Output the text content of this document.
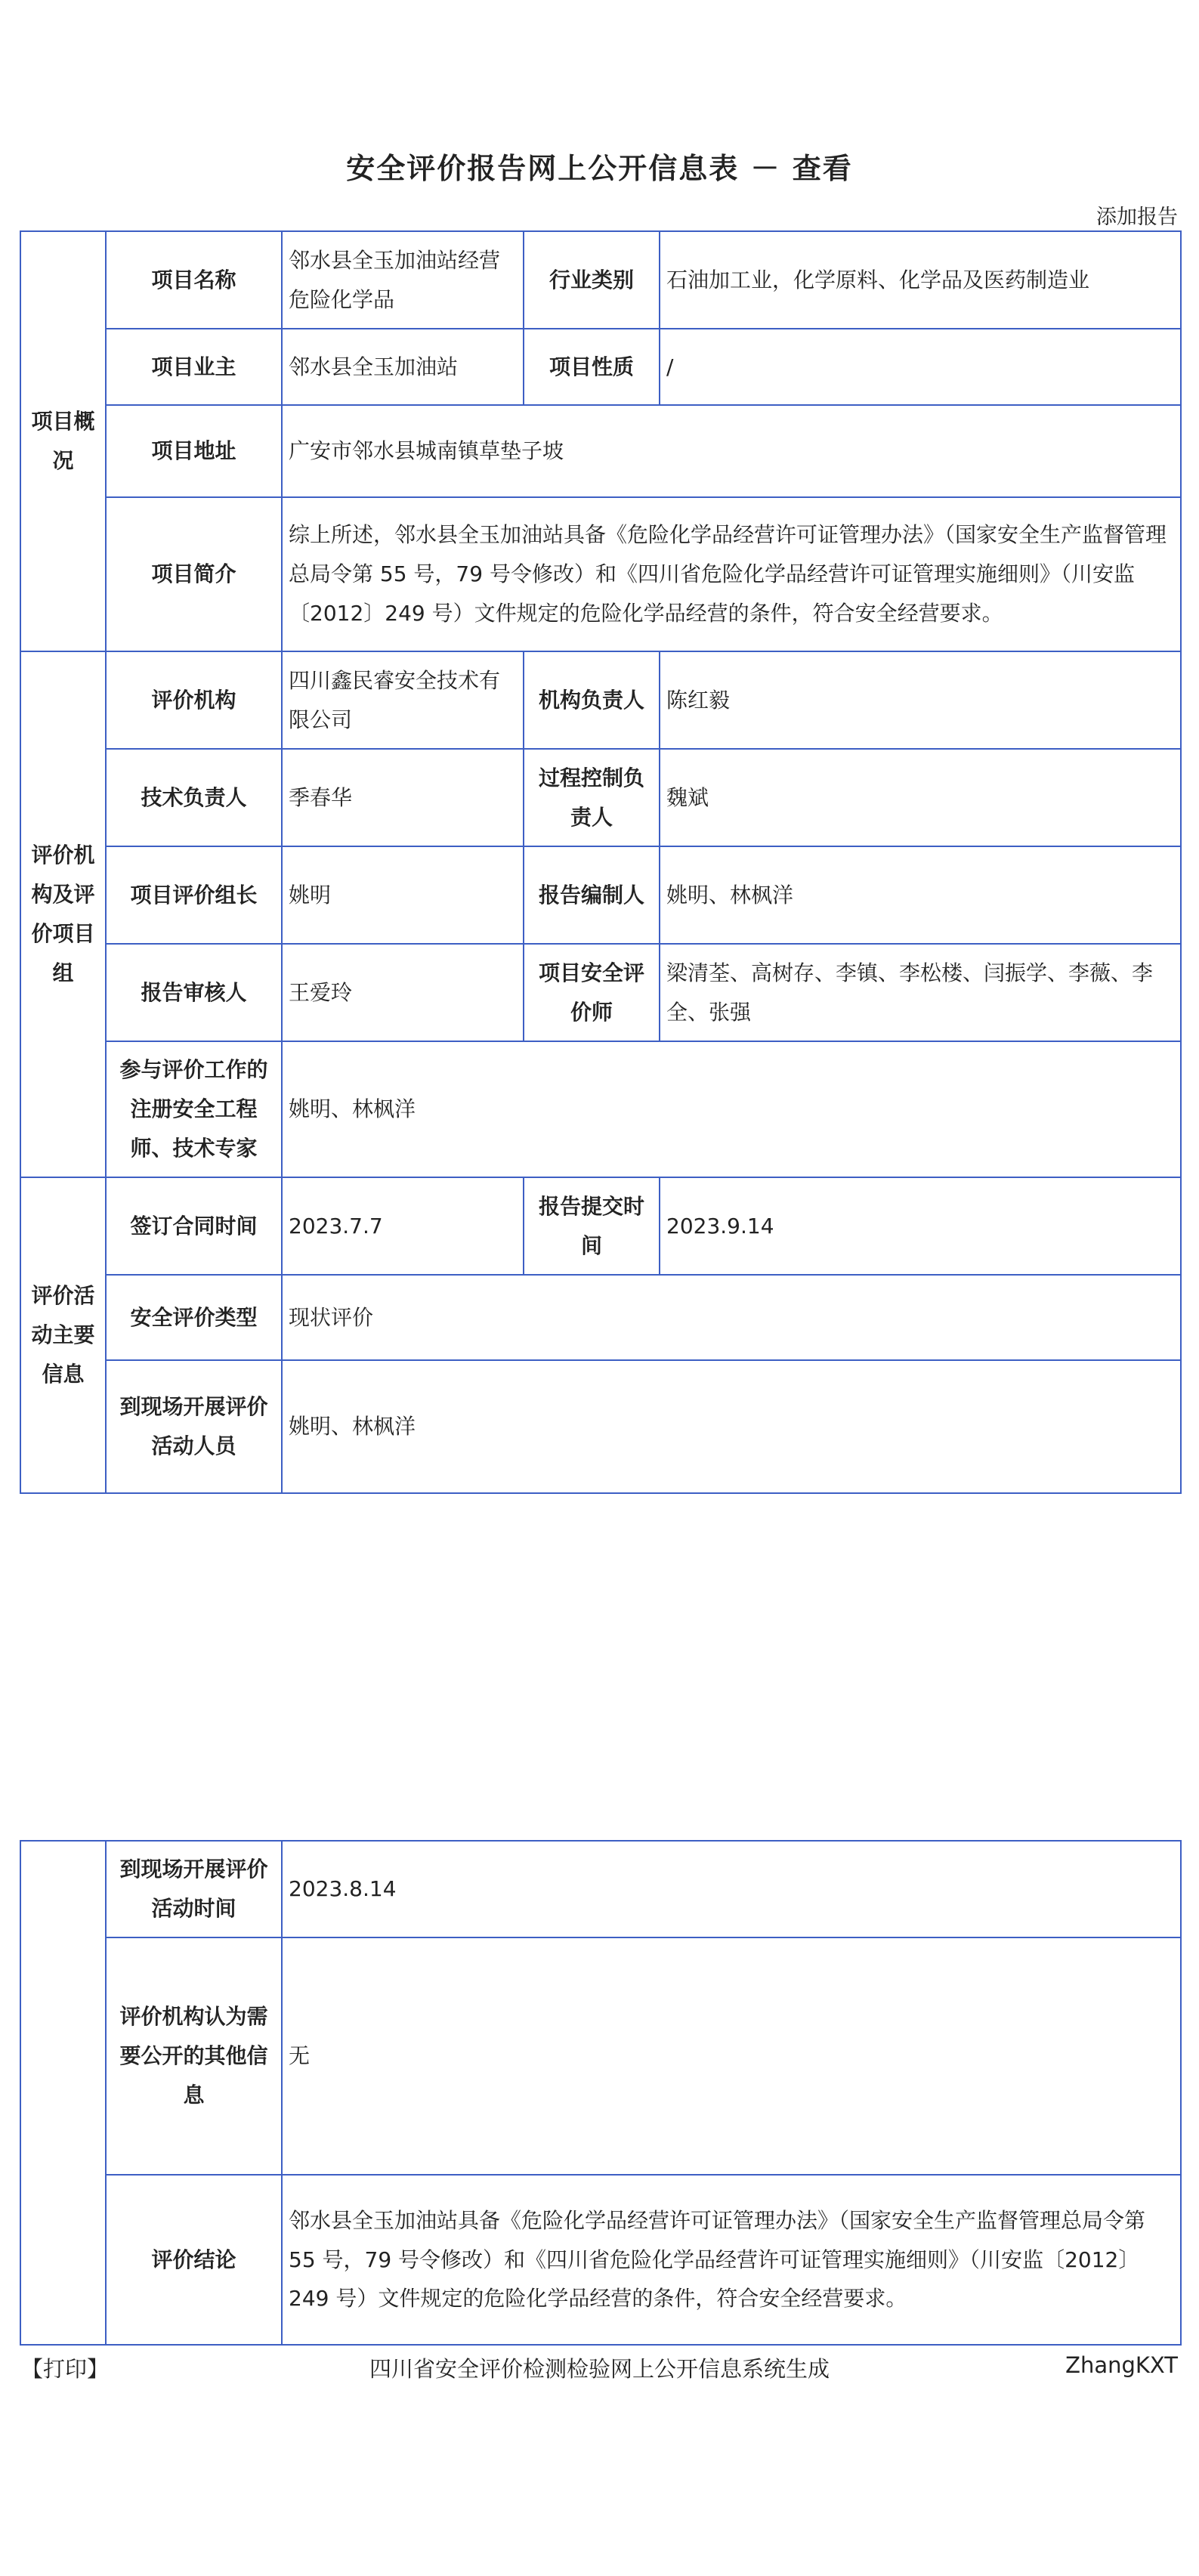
安全评价报告网上公开信息表 － 查看
添加报告
项目概况	项目名称	邻水县全玉加油站经营危险化学品	行业类别	石油加工业，化学原料、化学品及医药制造业
	项目业主	邻水县全玉加油站	项目性质	/
	项目地址	广安市邻水县城南镇草垫子坡		
	项目简介	综上所述，邻水县全玉加油站具备《危险化学品经营许可证管理办法》（国家安全生产监督管理总局令第 55 号，79 号令修改）和《四川省危险化学品经营许可证管理实施细则》（川安监〔2012〕249 号）文件规定的危险化学品经营的条件，符合安全经营要求。		
评价机构及评价项目组	评价机构	四川鑫民睿安全技术有限公司	机构负责人	陈红毅
	技术负责人	季春华	过程控制负责人	魏斌
	项目评价组长	姚明	报告编制人	姚明、林枫洋
	报告审核人	王爱玲	项目安全评价师	梁清荃、高树存、李镇、李松楼、闫振学、李薇、李全、张强
	参与评价工作的注册安全工程师、技术专家	姚明、林枫洋		
评价活动主要信息	签订合同时间	2023.7.7	报告提交时间	2023.9.14
	安全评价类型	现状评价		
	到现场开展评价活动人员	姚明、林枫洋		
	到现场开展评价活动时间	2023.8.14
	评价机构认为需要公开的其他信息	无
	评价结论	邻水县全玉加油站具备《危险化学品经营许可证管理办法》（国家安全生产监督管理总局令第 55 号，79 号令修改）和《四川省危险化学品经营许可证管理实施细则》（川安监〔2012〕249 号）文件规定的危险化学品经营的条件，符合安全经营要求。
四川省安全评价检测检验网上公开信息系统生成
【打印】	ZhangKXT
